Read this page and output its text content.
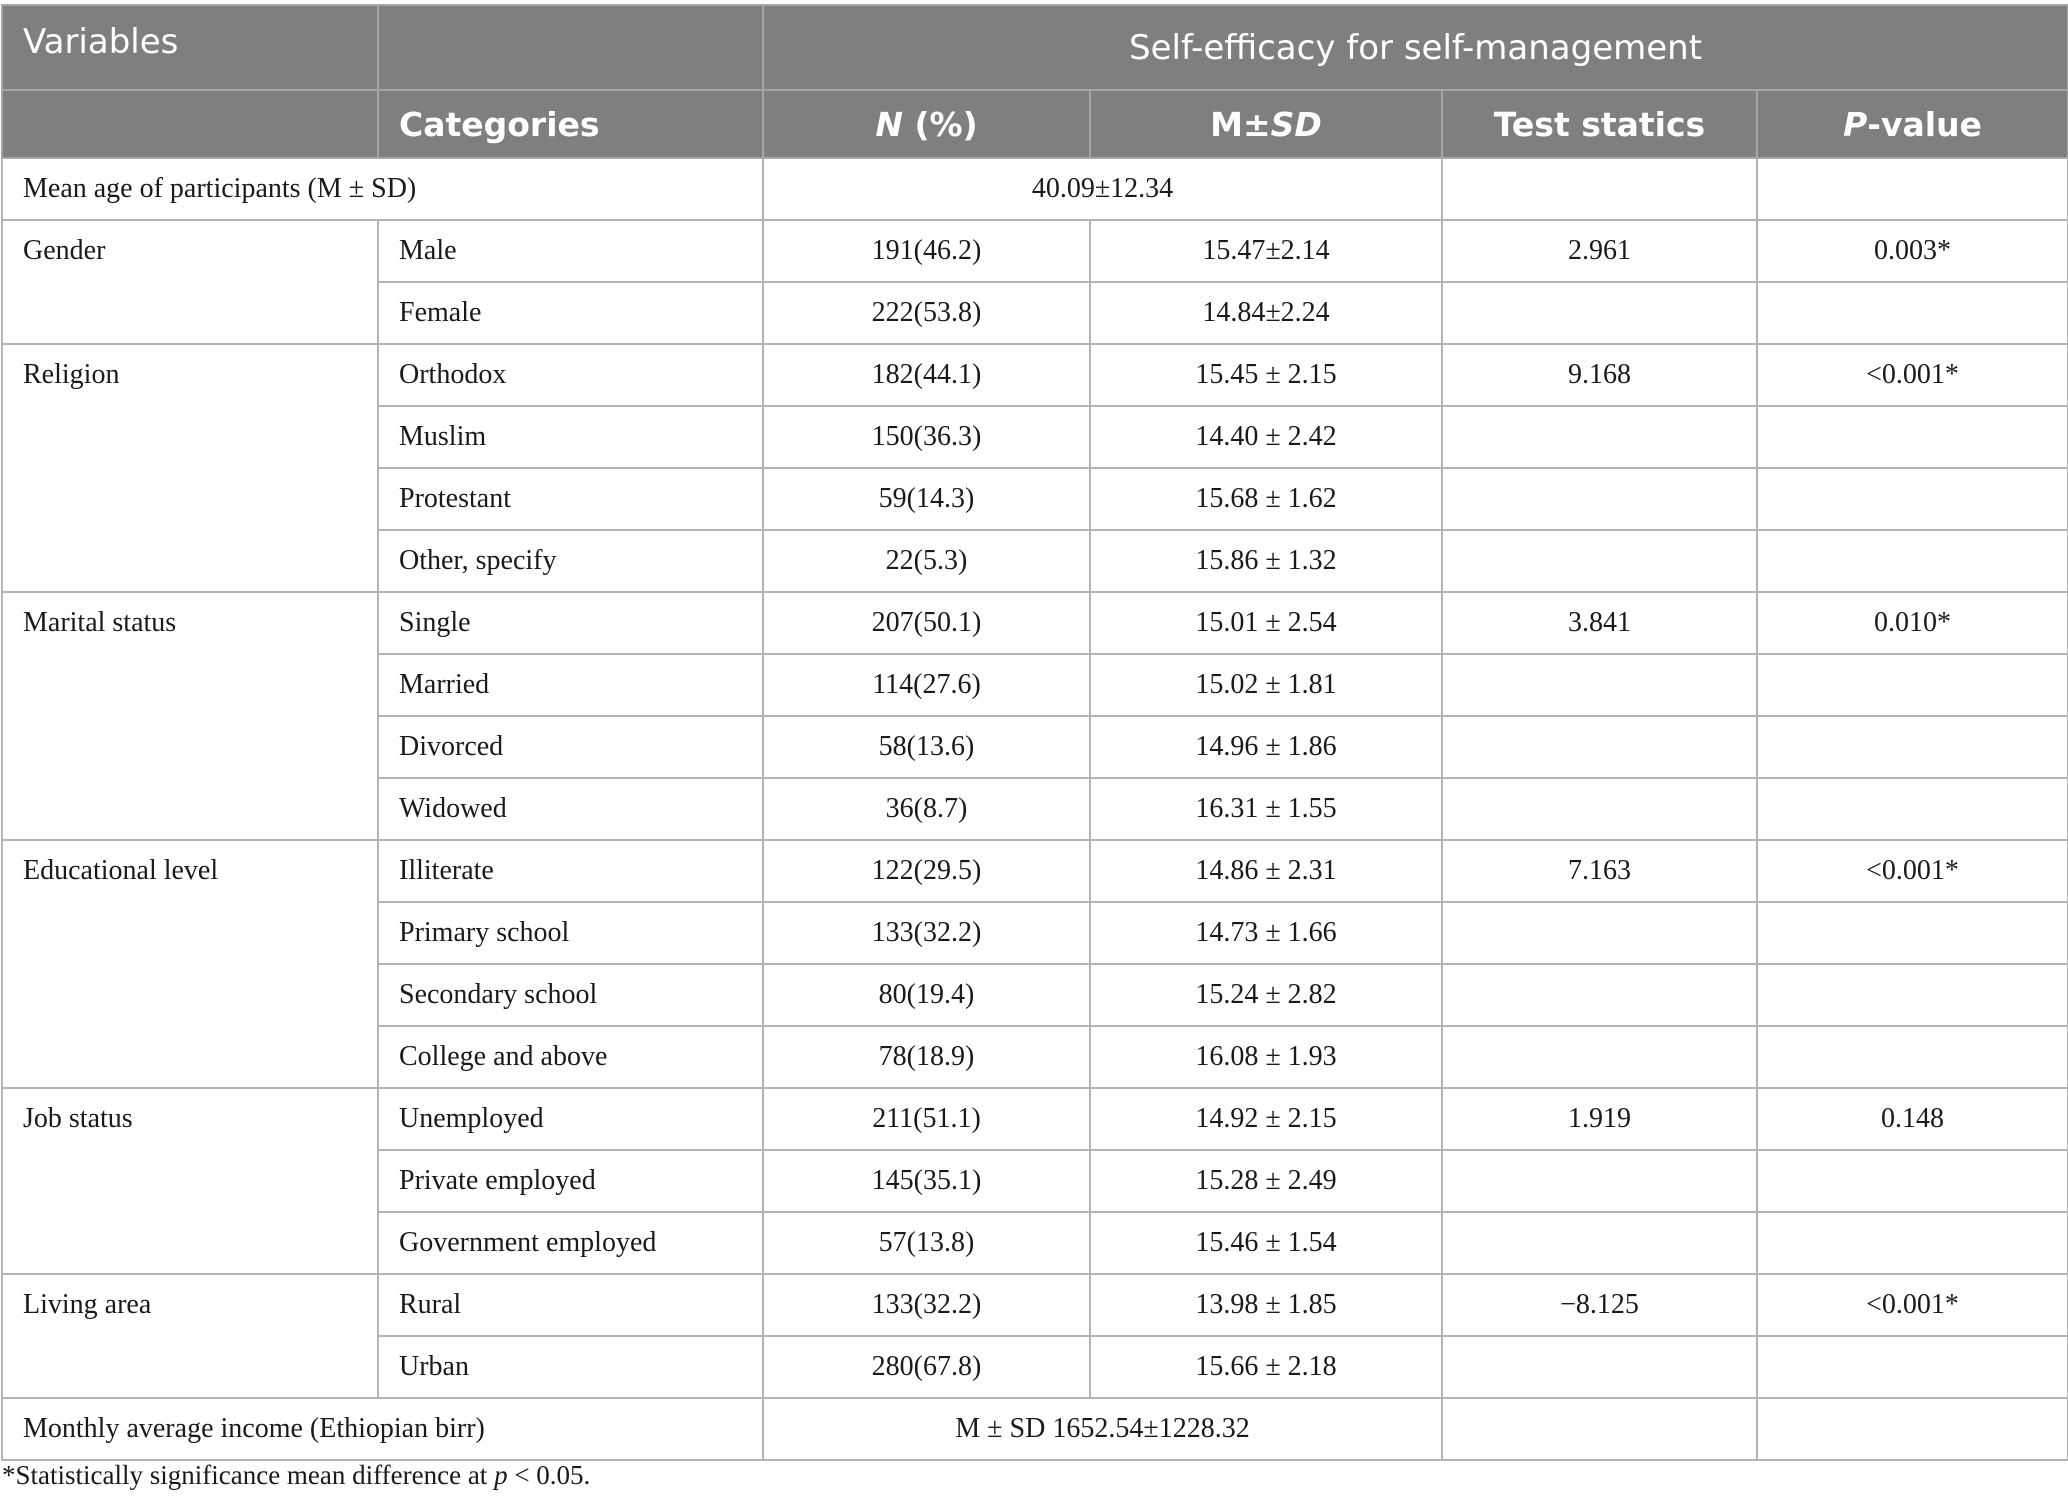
Variables		Self-efficacy for self-management			
	Categories	N (%)	M±SD	Test statics	P-value
Mean age of participants (M ± SD)		40.09±12.34			
Gender	Male	191(46.2)	15.47±2.14	2.961	0.003*
	Female	222(53.8)	14.84±2.24		
Religion	Orthodox	182(44.1)	15.45 ± 2.15	9.168	<0.001*
	Muslim	150(36.3)	14.40 ± 2.42		
	Protestant	59(14.3)	15.68 ± 1.62		
	Other, specify	22(5.3)	15.86 ± 1.32		
Marital status	Single	207(50.1)	15.01 ± 2.54	3.841	0.010*
	Married	114(27.6)	15.02 ± 1.81		
	Divorced	58(13.6)	14.96 ± 1.86		
	Widowed	36(8.7)	16.31 ± 1.55		
Educational level	Illiterate	122(29.5)	14.86 ± 2.31	7.163	<0.001*
	Primary school	133(32.2)	14.73 ± 1.66		
	Secondary school	80(19.4)	15.24 ± 2.82		
	College and above	78(18.9)	16.08 ± 1.93		
Job status	Unemployed	211(51.1)	14.92 ± 2.15	1.919	0.148
	Private employed	145(35.1)	15.28 ± 2.49		
	Government employed	57(13.8)	15.46 ± 1.54		
Living area	Rural	133(32.2)	13.98 ± 1.85	−8.125	<0.001*
	Urban	280(67.8)	15.66 ± 2.18		
Monthly average income (Ethiopian birr)		M ± SD 1652.54±1228.32			
*Statistically significance mean difference at p < 0.05.
